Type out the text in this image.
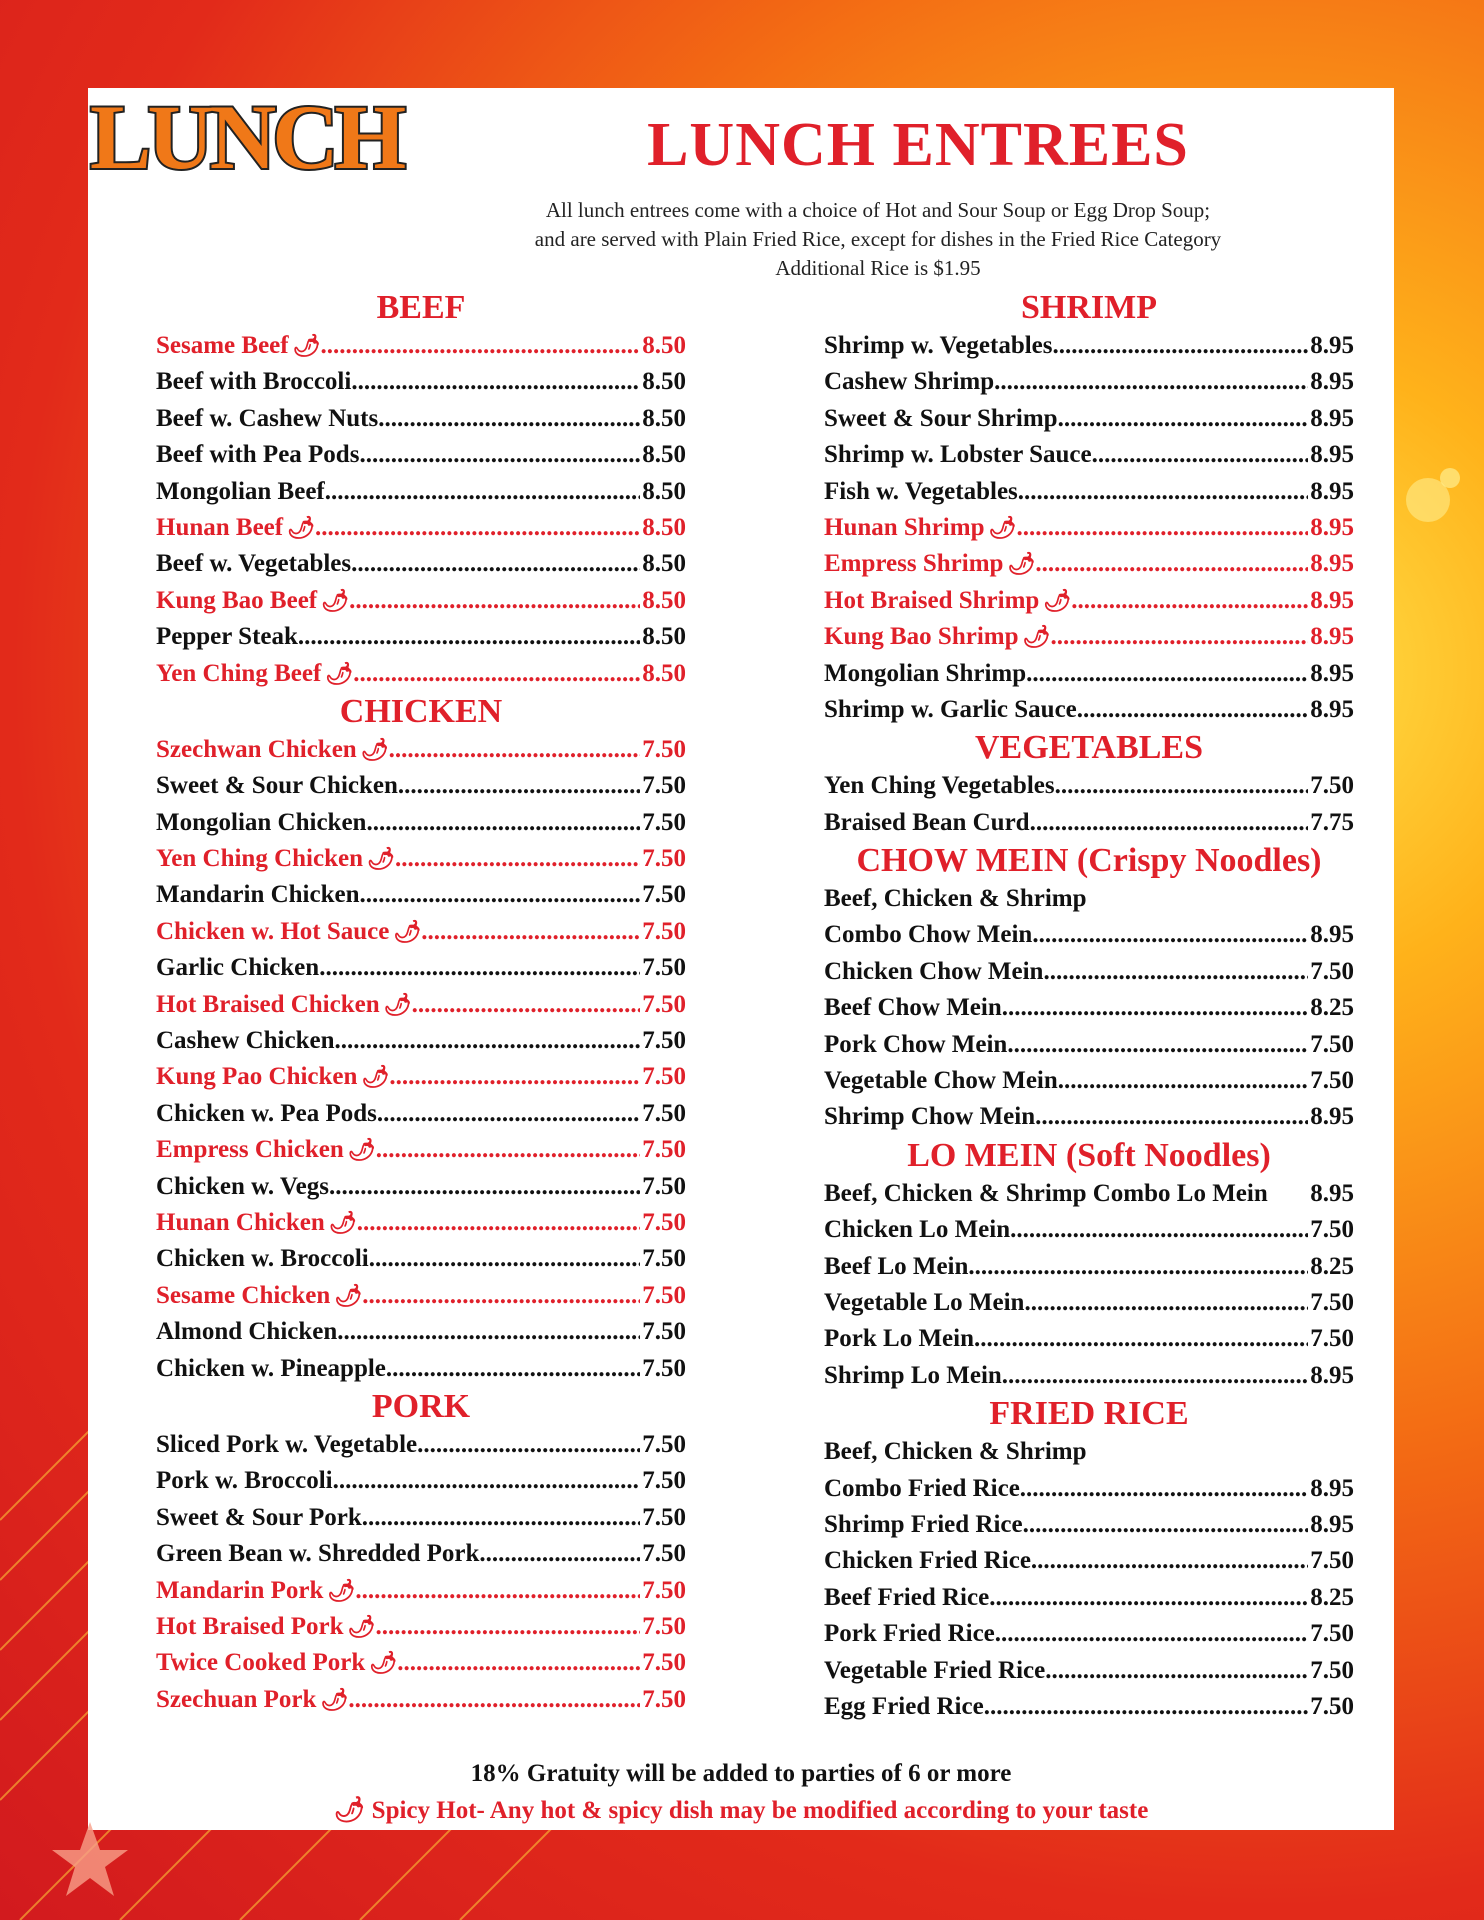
LUNCH	LUNCH ENTREES
All lunch entrees come with a choice of Hot and Sour Soup or Egg Drop Soup;
and are served with Plain Fried Rice, except for dishes in the Fried Rice Category
Additional Rice is $1.95
BEEF
Sesame Beef 🌶 .....	8.50
Beef with Broccoli .....	8.50
Beef w. Cashew Nuts .....	8.50
Beef with Pea Pods .....	8.50
Mongolian Beef .....	8.50
Hunan Beef 🌶 .....	8.50
Beef w. Vegetables .....	8.50
Kung Bao Beef 🌶 .....	8.50
Pepper Steak .....	8.50
Yen Ching Beef 🌶 .....	8.50
CHICKEN
Szechwan Chicken 🌶 .....	7.50
Sweet & Sour Chicken .....	7.50
Mongolian Chicken .....	7.50
Yen Ching Chicken 🌶 .....	7.50
Mandarin Chicken .....	7.50
Chicken w. Hot Sauce 🌶 .....	7.50
Garlic Chicken .....	7.50
Hot Braised Chicken 🌶 .....	7.50
Cashew Chicken .....	7.50
Kung Pao Chicken 🌶 .....	7.50
Chicken w. Pea Pods .....	7.50
Empress Chicken 🌶 .....	7.50
Chicken w. Vegs .....	7.50
Hunan Chicken 🌶 .....	7.50
Chicken w. Broccoli .....	7.50
Sesame Chicken 🌶 .....	7.50
Almond Chicken .....	7.50
Chicken w. Pineapple .....	7.50
PORK
Sliced Pork w. Vegetable .....	7.50
Pork w. Broccoli .....	7.50
Sweet & Sour Pork .....	7.50
Green Bean w. Shredded Pork .....	7.50
Mandarin Pork 🌶 .....	7.50
Hot Braised Pork 🌶 .....	7.50
Twice Cooked Pork 🌶 .....	7.50
Szechuan Pork 🌶 .....	7.50
SHRIMP
Shrimp w. Vegetables .....	8.95
Cashew Shrimp .....	8.95
Sweet & Sour Shrimp .....	8.95
Shrimp w. Lobster Sauce .....	8.95
Fish w. Vegetables .....	8.95
Hunan Shrimp 🌶 .....	8.95
Empress Shrimp 🌶 .....	8.95
Hot Braised Shrimp 🌶 .....	8.95
Kung Bao Shrimp 🌶 .....	8.95
Mongolian Shrimp .....	8.95
Shrimp w. Garlic Sauce .....	8.95
VEGETABLES
Yen Ching Vegetables .....	7.50
Braised Bean Curd .....	7.75
CHOW MEIN (Crispy Noodles)
Beef, Chicken & Shrimp
Combo Chow Mein .....	8.95
Chicken Chow Mein .....	7.50
Beef Chow Mein .....	8.25
Pork Chow Mein .....	7.50
Vegetable Chow Mein .....	7.50
Shrimp Chow Mein .....	8.95
LO MEIN (Soft Noodles)
Beef, Chicken & Shrimp Combo Lo Mein 8.95
Chicken Lo Mein .....	7.50
Beef Lo Mein .....	8.25
Vegetable Lo Mein .....	7.50
Pork Lo Mein .....	7.50
Shrimp Lo Mein .....	8.95
FRIED RICE
Beef, Chicken & Shrimp
Combo Fried Rice .....	8.95
Shrimp Fried Rice .....	8.95
Chicken Fried Rice .....	7.50
Beef Fried Rice .....	8.25
Pork Fried Rice .....	7.50
Vegetable Fried Rice .....	7.50
Egg Fried Rice .....	7.50
18% Gratuity will be added to parties of 6 or more
🌶 Spicy Hot- Any hot & spicy dish may be modified according to your taste
